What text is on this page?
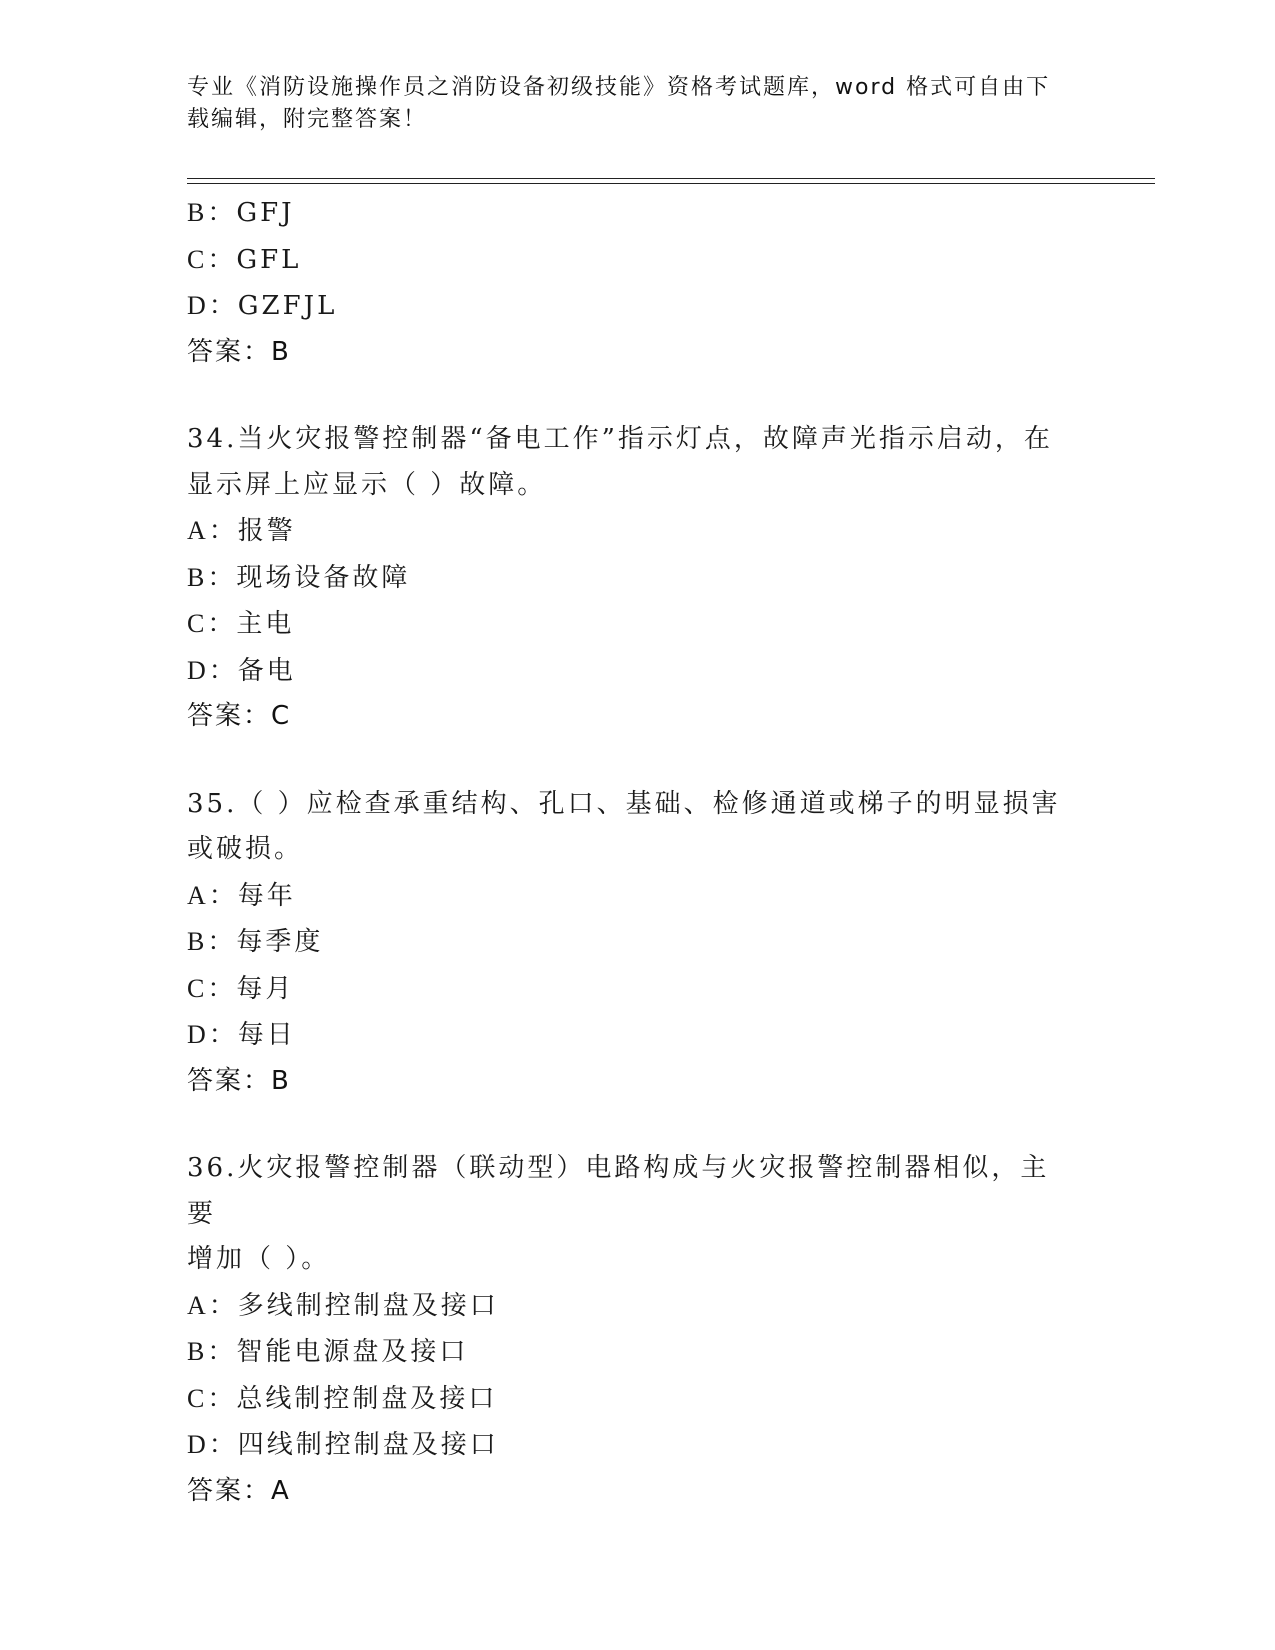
专业《消防设施操作员之消防设备初级技能》资格考试题库，word 格式可自由下
载编辑，附完整答案！
B：GFJ
C：GFL
D：GZFJL
答案：B
34.当火灾报警控制器“备电工作”指示灯点，故障声光指示启动，在
显示屏上应显示（ ）故障。
A：报警
B：现场设备故障
C：主电
D：备电
答案：C
35.（ ）应检查承重结构、孔口、基础、检修通道或梯子的明显损害
或破损。
A：每年
B：每季度
C：每月
D：每日
答案：B
36.火灾报警控制器（联动型）电路构成与火灾报警控制器相似，主要
增加（ ）。
A：多线制控制盘及接口
B：智能电源盘及接口
C：总线制控制盘及接口
D：四线制控制盘及接口
答案：A
